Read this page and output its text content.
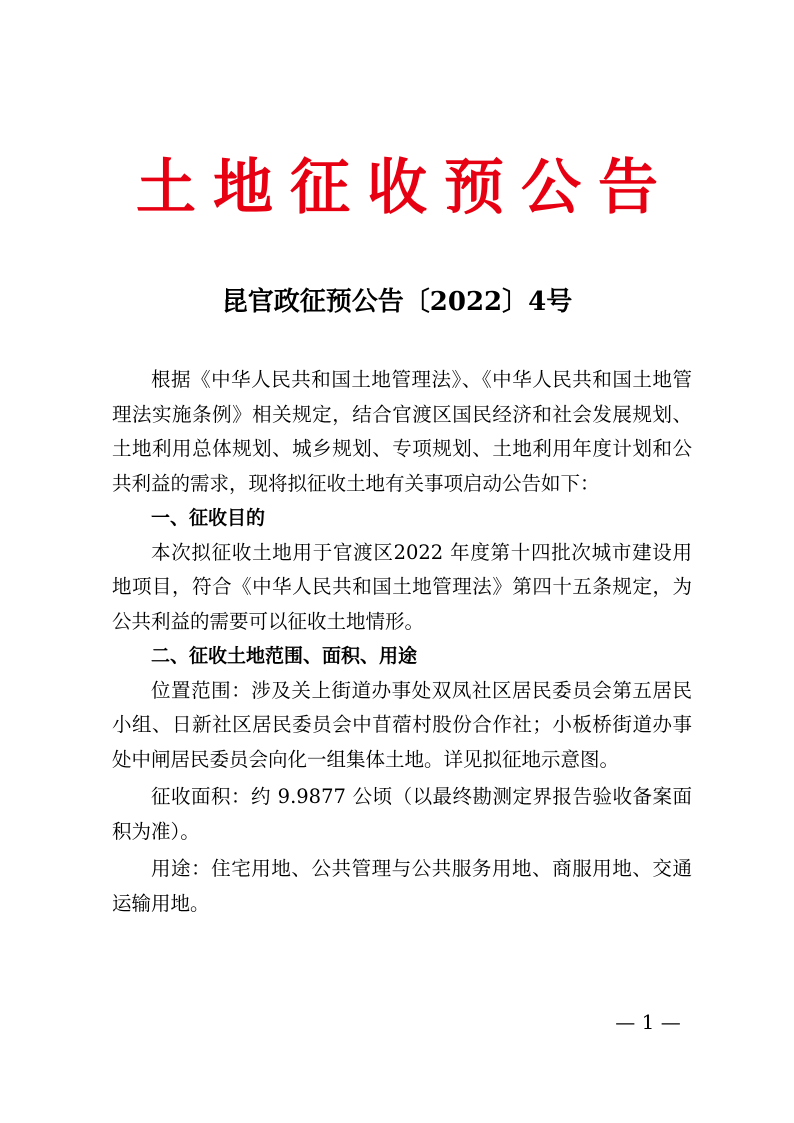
土地征收预公告
昆官政征预公告〔2022〕4号

根据《中华人民共和国土地管理法》、《中华人民共和国土地管理法实施条例》相关规定，结合官渡区国民经济和社会发展规划、土地利用总体规划、城乡规划、专项规划、土地利用年度计划和公共利益的需求，现将拟征收土地有关事项启动公告如下：

一、征收目的

本次拟征收土地用于官渡区2022 年度第十四批次城市建设用地项目，符合《中华人民共和国土地管理法》第四十五条规定，为公共利益的需要可以征收土地情形。

二、征收土地范围、面积、用途

位置范围：涉及关上街道办事处双凤社区居民委员会第五居民小组、日新社区居民委员会中苜蓿村股份合作社；小板桥街道办事处中闸居民委员会向化一组集体土地。详见拟征地示意图。

征收面积：约 9.9877 公顷（以最终勘测定界报告验收备案面积为准）。

用途：住宅用地、公共管理与公共服务用地、商服用地、交通运输用地。

— 1 —
